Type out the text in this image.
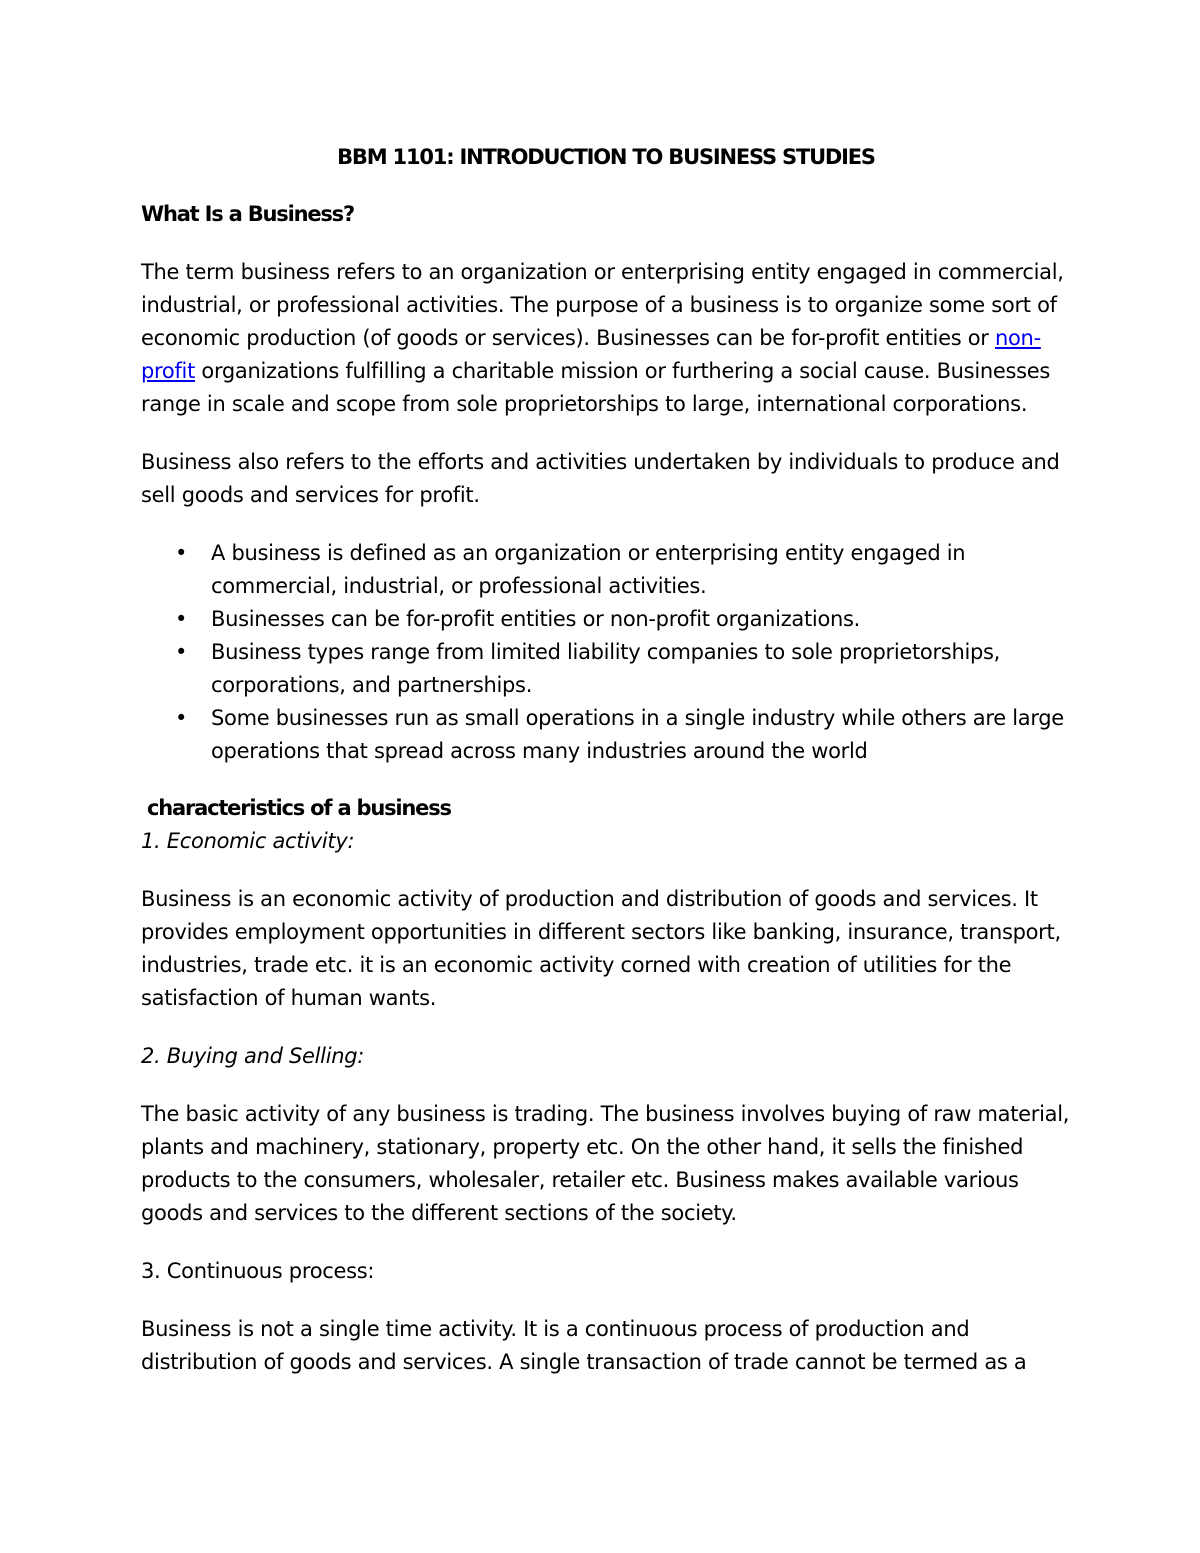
BBM 1101: INTRODUCTION TO BUSINESS STUDIES

What Is a Business?

The term business refers to an organization or enterprising entity engaged in commercial, industrial, or professional activities. The purpose of a business is to organize some sort of economic production (of goods or services). Businesses can be for-profit entities or non-profit organizations fulfilling a charitable mission or furthering a social cause. Businesses range in scale and scope from sole proprietorships to large, international corporations.

Business also refers to the efforts and activities undertaken by individuals to produce and sell goods and services for profit.

• A business is defined as an organization or enterprising entity engaged in commercial, industrial, or professional activities.
• Businesses can be for-profit entities or non-profit organizations.
• Business types range from limited liability companies to sole proprietorships, corporations, and partnerships.
• Some businesses run as small operations in a single industry while others are large operations that spread across many industries around the world

characteristics of a business

1. Economic activity:

Business is an economic activity of production and distribution of goods and services. It provides employment opportunities in different sectors like banking, insurance, transport, industries, trade etc. it is an economic activity corned with creation of utilities for the satisfaction of human wants.

2. Buying and Selling:

The basic activity of any business is trading. The business involves buying of raw material, plants and machinery, stationary, property etc. On the other hand, it sells the finished products to the consumers, wholesaler, retailer etc. Business makes available various goods and services to the different sections of the society.

3. Continuous process:

Business is not a single time activity. It is a continuous process of production and distribution of goods and services. A single transaction of trade cannot be termed as a
